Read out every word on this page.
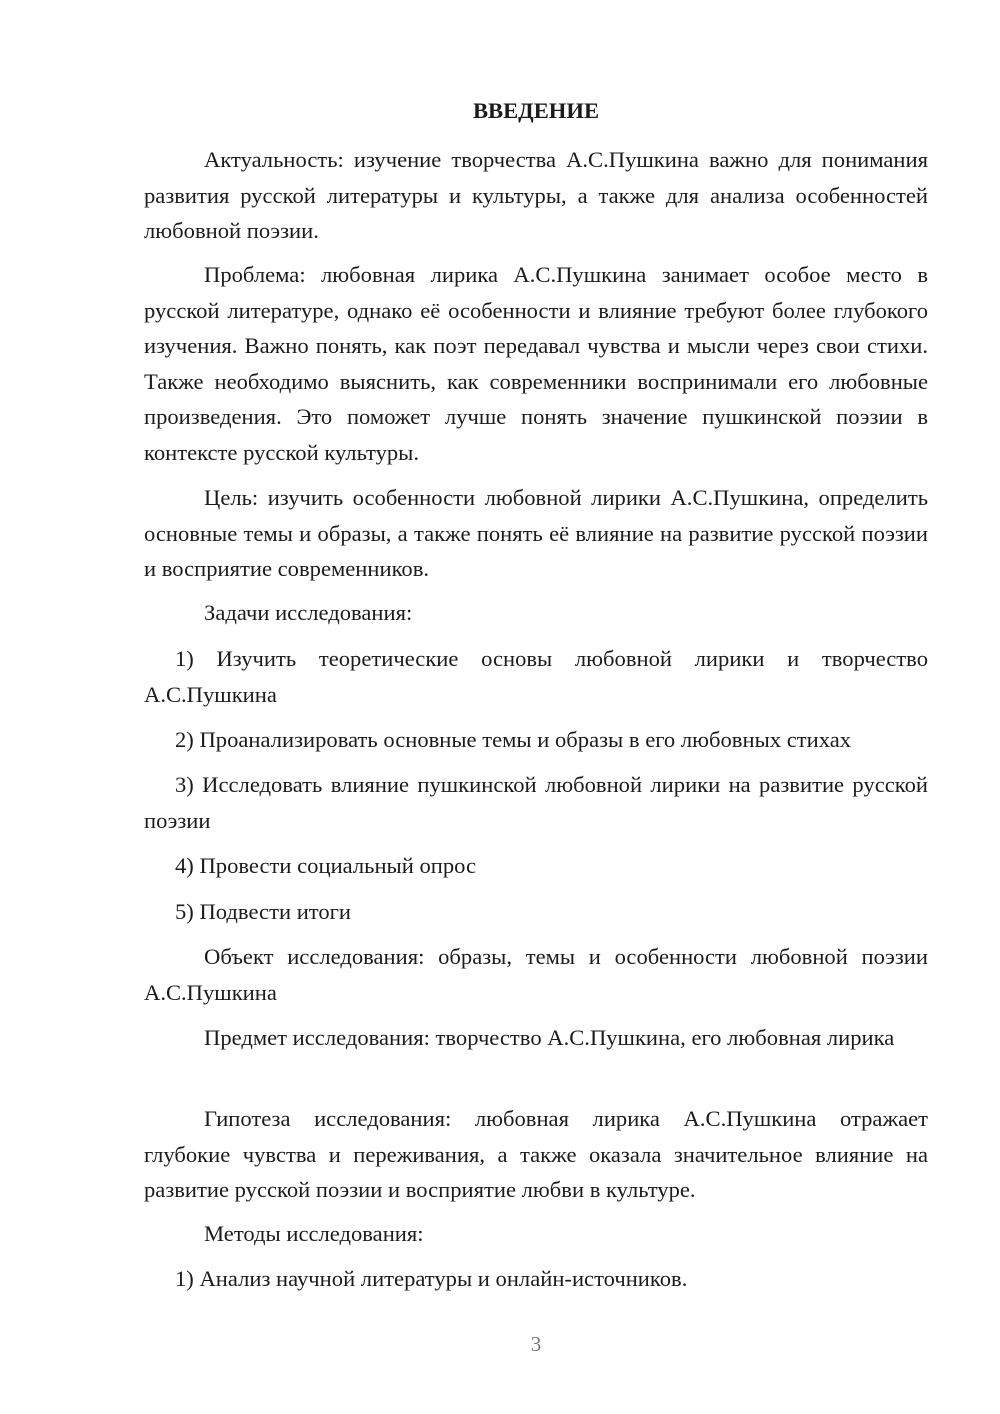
ВВЕДЕНИЕ
Актуальность: изучение творчества А.С.Пушкина важно для понимания развития русской литературы и культуры, а также для анализа особенностей любовной поэзии.
Проблема: любовная лирика А.С.Пушкина занимает особое место в русской литературе, однако её особенности и влияние требуют более глубокого изучения. Важно понять, как поэт передавал чувства и мысли через свои стихи. Также необходимо выяснить, как современники воспринимали его любовные произведения. Это поможет лучше понять значение пушкинской поэзии в контексте русской культуры.
Цель: изучить особенности любовной лирики А.С.Пушкина, определить основные темы и образы, а также понять её влияние на развитие русской поэзии и восприятие современников.
Задачи исследования:
1) Изучить теоретические основы любовной лирики и творчество А.С.Пушкина
2) Проанализировать основные темы и образы в его любовных стихах
3) Исследовать влияние пушкинской любовной лирики на развитие русской поэзии
4) Провести социальный опрос
5) Подвести итоги
Объект исследования: образы, темы и особенности любовной поэзии А.С.Пушкина
Предмет исследования: творчество А.С.Пушкина, его любовная лирика
Гипотеза исследования: любовная лирика А.С.Пушкина отражает глубокие чувства и переживания, а также оказала значительное влияние на развитие русской поэзии и восприятие любви в культуре.
Методы исследования:
1) Анализ научной литературы и онлайн-источников.
3
